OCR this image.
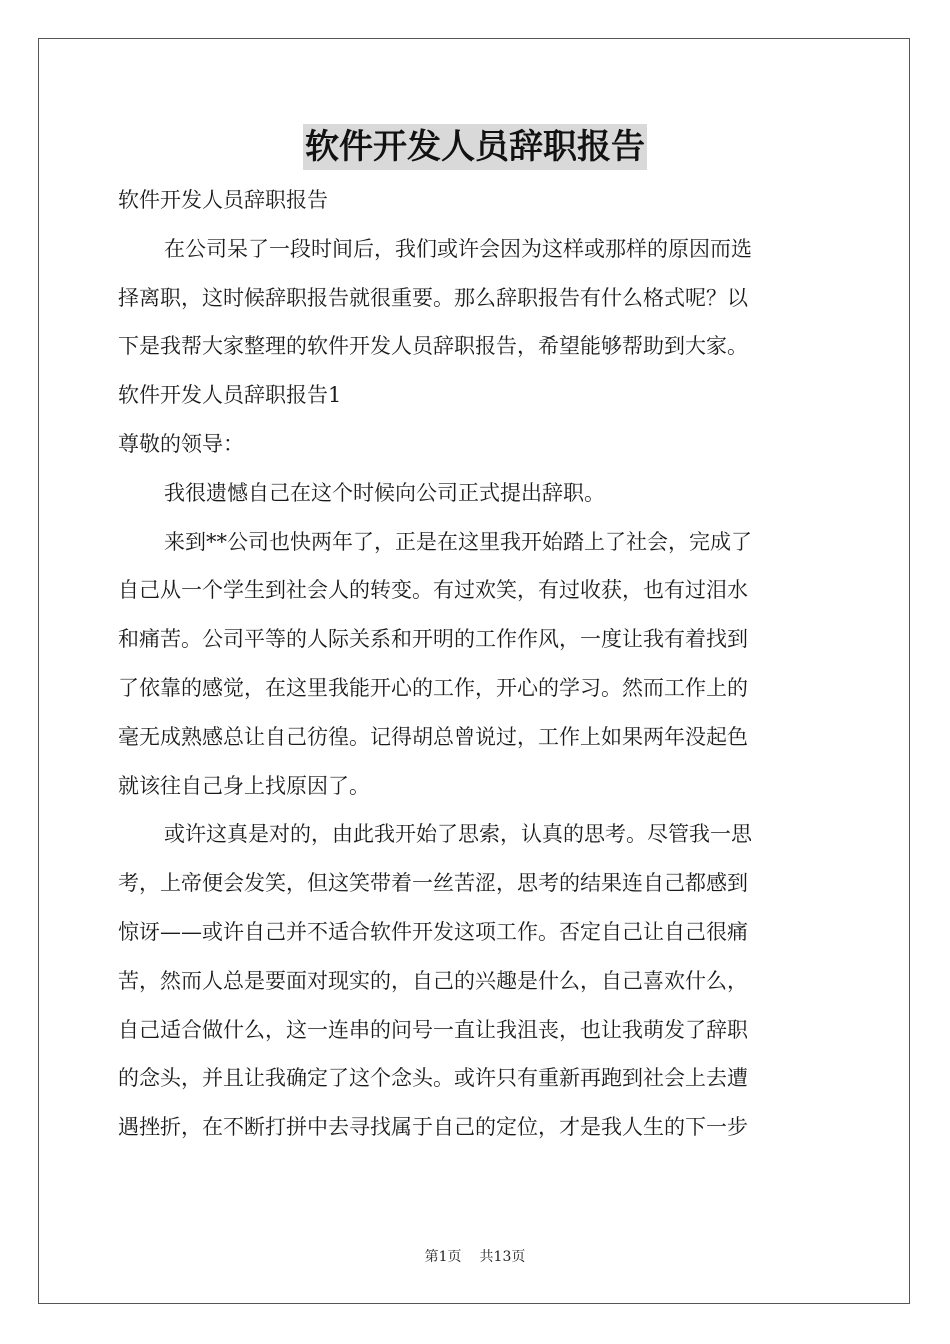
软件开发人员辞职报告
软件开发人员辞职报告
在公司呆了一段时间后，我们或许会因为这样或那样的原因而选
择离职，这时候辞职报告就很重要。那么辞职报告有什么格式呢？以
下是我帮大家整理的软件开发人员辞职报告，希望能够帮助到大家。
软件开发人员辞职报告1
尊敬的领导：
我很遗憾自己在这个时候向公司正式提出辞职。
来到**公司也快两年了，正是在这里我开始踏上了社会，完成了
自己从一个学生到社会人的转变。有过欢笑，有过收获，也有过泪水
和痛苦。公司平等的人际关系和开明的工作作风，一度让我有着找到
了依靠的感觉，在这里我能开心的工作，开心的学习。然而工作上的
毫无成熟感总让自己彷徨。记得胡总曾说过，工作上如果两年没起色
就该往自己身上找原因了。
或许这真是对的，由此我开始了思索，认真的思考。尽管我一思
考，上帝便会发笑，但这笑带着一丝苦涩，思考的结果连自己都感到
惊讶——或许自己并不适合软件开发这项工作。否定自己让自己很痛
苦，然而人总是要面对现实的，自己的兴趣是什么，自己喜欢什么，
自己适合做什么，这一连串的问号一直让我沮丧，也让我萌发了辞职
的念头，并且让我确定了这个念头。或许只有重新再跑到社会上去遭
遇挫折，在不断打拼中去寻找属于自己的定位，才是我人生的下一步
第1页 共13页
